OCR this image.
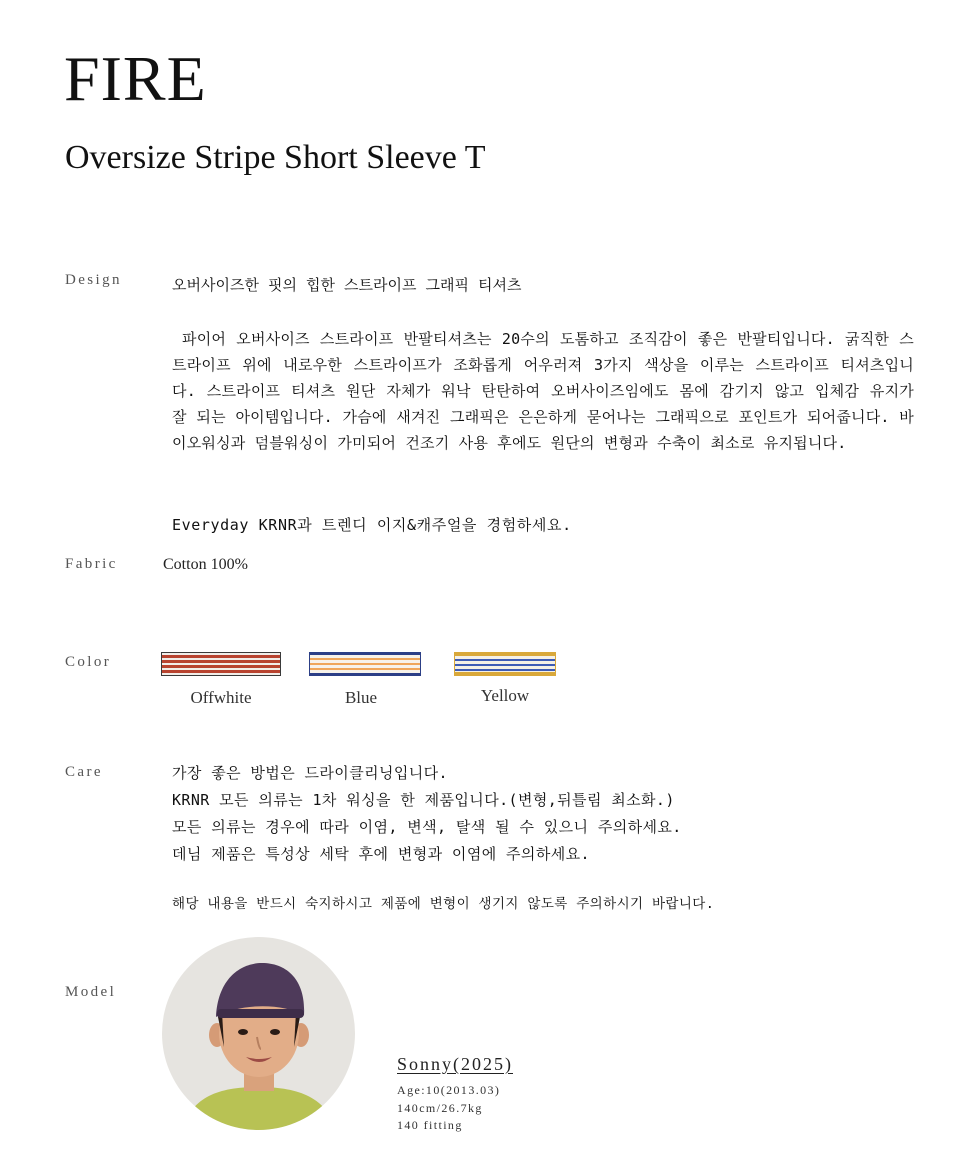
FIRE
Oversize Stripe Short Sleeve T
Design	오버사이즈한 핏의 힙한 스트라이프 그래픽 티셔츠

파이어 오버사이즈 스트라이프 반팔티셔츠는 20수의 도톰하고 조직감이 좋은 반팔티입니다. 굵직한 스트라이프 위에 내로우한 스트라이프가 조화롭게 어우러져 3가지 색상을 이루는 스트라이프 티셔츠입니다. 스트라이프 티셔츠 원단 자체가 워낙 탄탄하여 오버사이즈임에도 몸에 감기지 않고 입체감 유지가 잘 되는 아이템입니다. 가슴에 새겨진 그래픽은 은은하게 묻어나는 그래픽으로 포인트가 되어줍니다. 바이오워싱과 덤블워싱이 가미되어 건조기 사용 후에도 원단의 변형과 수축이 최소로 유지됩니다.

Everyday KRNR과 트렌디 이지&캐주얼을 경험하세요.
Fabric	Cotton 100%
Color
Offwhite	Blue	Yellow
Care	가장 좋은 방법은 드라이클리닝입니다.
KRNR 모든 의류는 1차 워싱을 한 제품입니다.(변형,뒤틀림 최소화.)
모든 의류는 경우에 따라 이염, 변색, 탈색 될 수 있으니 주의하세요.
데님 제품은 특성상 세탁 후에 변형과 이염에 주의하세요.
해당 내용을 반드시 숙지하시고 제품에 변형이 생기지 않도록 주의하시기 바랍니다.
Model
Sonny(2025)
Age:10(2013.03)
140cm/26.7kg
140 fitting
